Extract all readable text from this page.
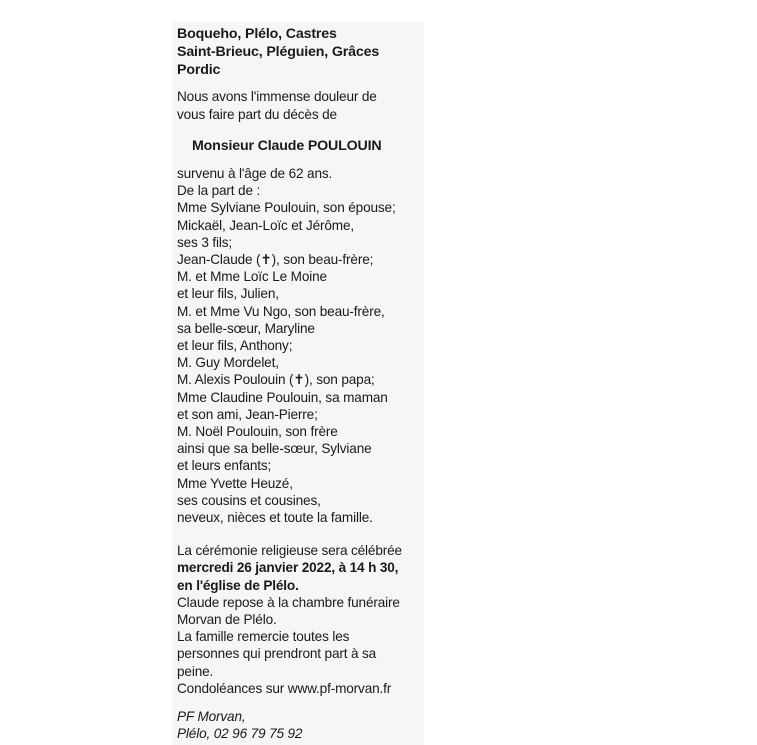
Boqueho, Plélo, Castres
Saint-Brieuc, Pléguien, Grâces
Pordic
Nous avons l'immense douleur de
vous faire part du décès de
Monsieur Claude POULOUIN
survenu à l'âge de 62 ans.
De la part de :
Mme Sylviane Poulouin, son épouse;
Mickaël, Jean-Loïc et Jérôme,
ses 3 fils;
Jean-Claude (✝), son beau-frère;
M. et Mme Loïc Le Moine
et leur fils, Julien,
M. et Mme Vu Ngo, son beau-frère,
sa belle-sœur, Maryline
et leur fils, Anthony;
M. Guy Mordelet,
M. Alexis Poulouin (✝), son papa;
Mme Claudine Poulouin, sa maman
et son ami, Jean-Pierre;
M. Noël Poulouin, son frère
ainsi que sa belle-sœur, Sylviane
et leurs enfants;
Mme Yvette Heuzé,
ses cousins et cousines,
neveux, nièces et toute la famille.
La cérémonie religieuse sera célébrée
mercredi 26 janvier 2022, à 14 h 30,
en l'église de Plélo.
Claude repose à la chambre funéraire
Morvan de Plélo.
La famille remercie toutes les
personnes qui prendront part à sa
peine.
Condoléances sur www.pf-morvan.fr
PF Morvan,
Plélo, 02 96 79 75 92
